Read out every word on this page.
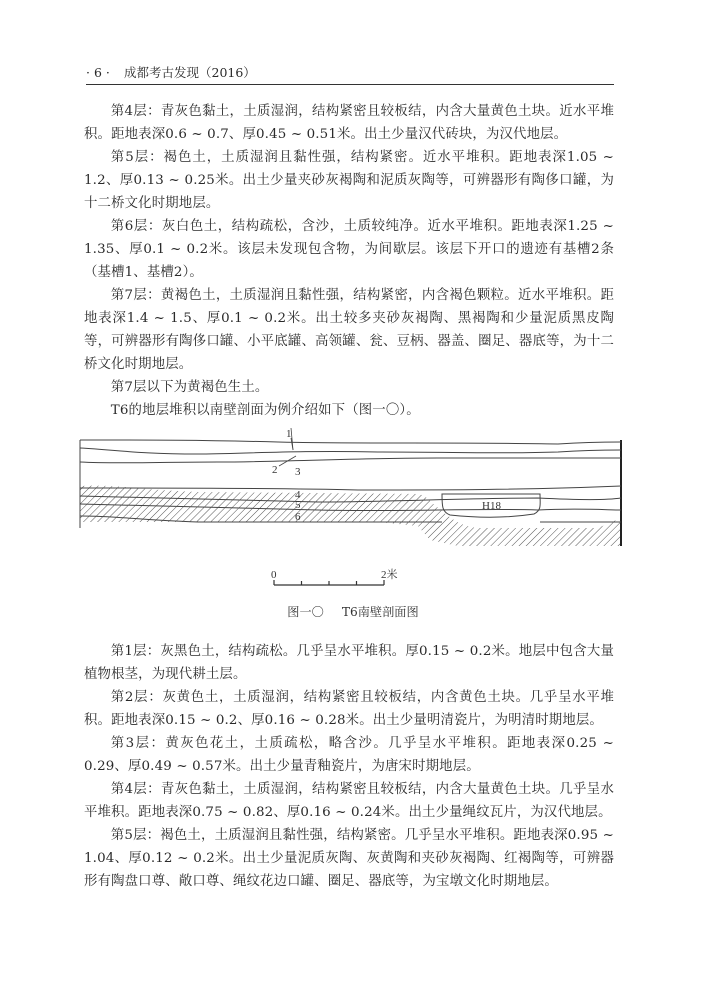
· 6 · 成都考古发现（2016）

第4层：青灰色黏土，土质湿润，结构紧密且较板结，内含大量黄色土块。近水平堆积。距地表深0.6 ~ 0.7、厚0.45 ~ 0.51米。出土少量汉代砖块，为汉代地层。

第5层：褐色土，土质湿润且黏性强，结构紧密。近水平堆积。距地表深1.05 ~ 1.2、厚0.13 ~ 0.25米。出土少量夹砂灰褐陶和泥质灰陶等，可辨器形有陶侈口罐，为十二桥文化时期地层。

第6层：灰白色土，结构疏松，含沙，土质较纯净。近水平堆积。距地表深1.25 ~ 1.35、厚0.1 ~ 0.2米。该层未发现包含物，为间歇层。该层下开口的遗迹有基槽2条（基槽1、基槽2）。

第7层：黄褐色土，土质湿润且黏性强，结构紧密，内含褐色颗粒。近水平堆积。距地表深1.4 ~ 1.5、厚0.1 ~ 0.2米。出土较多夹砂灰褐陶、黑褐陶和少量泥质黑皮陶等，可辨器形有陶侈口罐、小平底罐、高领罐、瓮、豆柄、器盖、圈足、器底等，为十二桥文化时期地层。

第7层以下为黄褐色生土。

T6的地层堆积以南壁剖面为例介绍如下（图一〇）。

H18
1
2 3
4
5
6
0	2米
图一〇 T6南壁剖面图

第1层：灰黑色土，结构疏松。几乎呈水平堆积。厚0.15 ~ 0.2米。地层中包含大量植物根茎，为现代耕土层。

第2层：灰黄色土，土质湿润，结构紧密且较板结，内含黄色土块。几乎呈水平堆积。距地表深0.15 ~ 0.2、厚0.16 ~ 0.28米。出土少量明清瓷片，为明清时期地层。

第3层：黄灰色花土，土质疏松，略含沙。几乎呈水平堆积。距地表深0.25 ~ 0.29、厚0.49 ~ 0.57米。出土少量青釉瓷片，为唐宋时期地层。

第4层：青灰色黏土，土质湿润，结构紧密且较板结，内含大量黄色土块。几乎呈水平堆积。距地表深0.75 ~ 0.82、厚0.16 ~ 0.24米。出土少量绳纹瓦片，为汉代地层。

第5层：褐色土，土质湿润且黏性强，结构紧密。几乎呈水平堆积。距地表深0.95 ~ 1.04、厚0.12 ~ 0.2米。出土少量泥质灰陶、灰黄陶和夹砂灰褐陶、红褐陶等，可辨器形有陶盘口尊、敞口尊、绳纹花边口罐、圈足、器底等，为宝墩文化时期地层。
